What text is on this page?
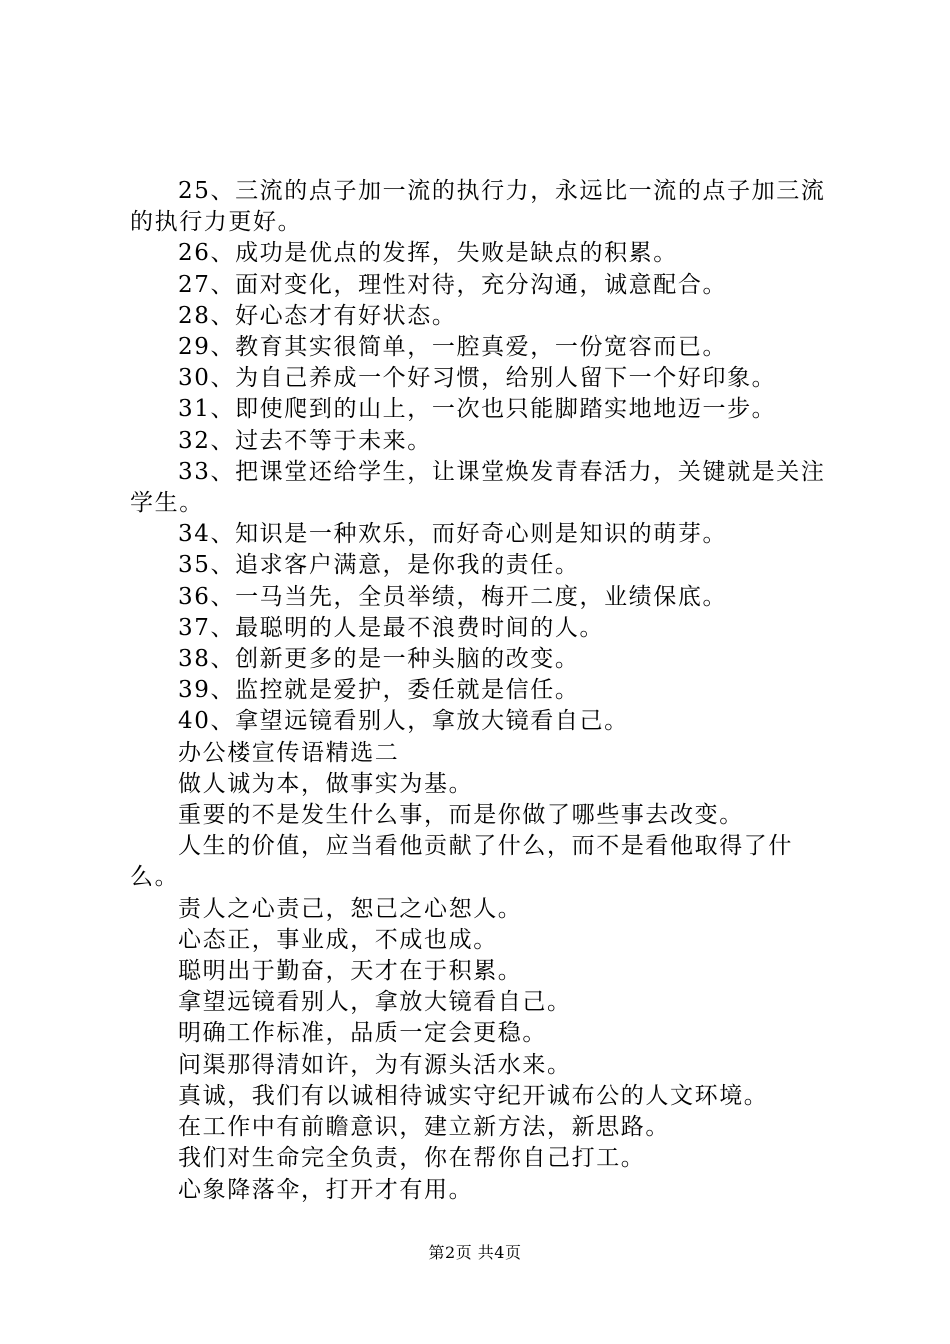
25、三流的点子加一流的执行力，永远比一流的点子加三流的执行力更好。

26、成功是优点的发挥，失败是缺点的积累。

27、面对变化，理性对待，充分沟通，诚意配合。

28、好心态才有好状态。

29、教育其实很简单，一腔真爱，一份宽容而已。

30、为自己养成一个好习惯，给别人留下一个好印象。

31、即使爬到的山上，一次也只能脚踏实地地迈一步。

32、过去不等于未来。

33、把课堂还给学生，让课堂焕发青春活力，关键就是关注学生。

34、知识是一种欢乐，而好奇心则是知识的萌芽。

35、追求客户满意，是你我的责任。

36、一马当先，全员举绩，梅开二度，业绩保底。

37、最聪明的人是最不浪费时间的人。

38、创新更多的是一种头脑的改变。

39、监控就是爱护，委任就是信任。

40、拿望远镜看别人，拿放大镜看自己。

办公楼宣传语精选二

做人诚为本，做事实为基。

重要的不是发生什么事，而是你做了哪些事去改变。

人生的价值，应当看他贡献了什么，而不是看他取得了什么。

责人之心责己，恕己之心恕人。

心态正，事业成，不成也成。

聪明出于勤奋，天才在于积累。

拿望远镜看别人，拿放大镜看自己。

明确工作标准，品质一定会更稳。

问渠那得清如许，为有源头活水来。

真诚，我们有以诚相待诚实守纪开诚布公的人文环境。

在工作中有前瞻意识，建立新方法，新思路。

我们对生命完全负责，你在帮你自己打工。

心象降落伞，打开才有用。

第2页 共4页
